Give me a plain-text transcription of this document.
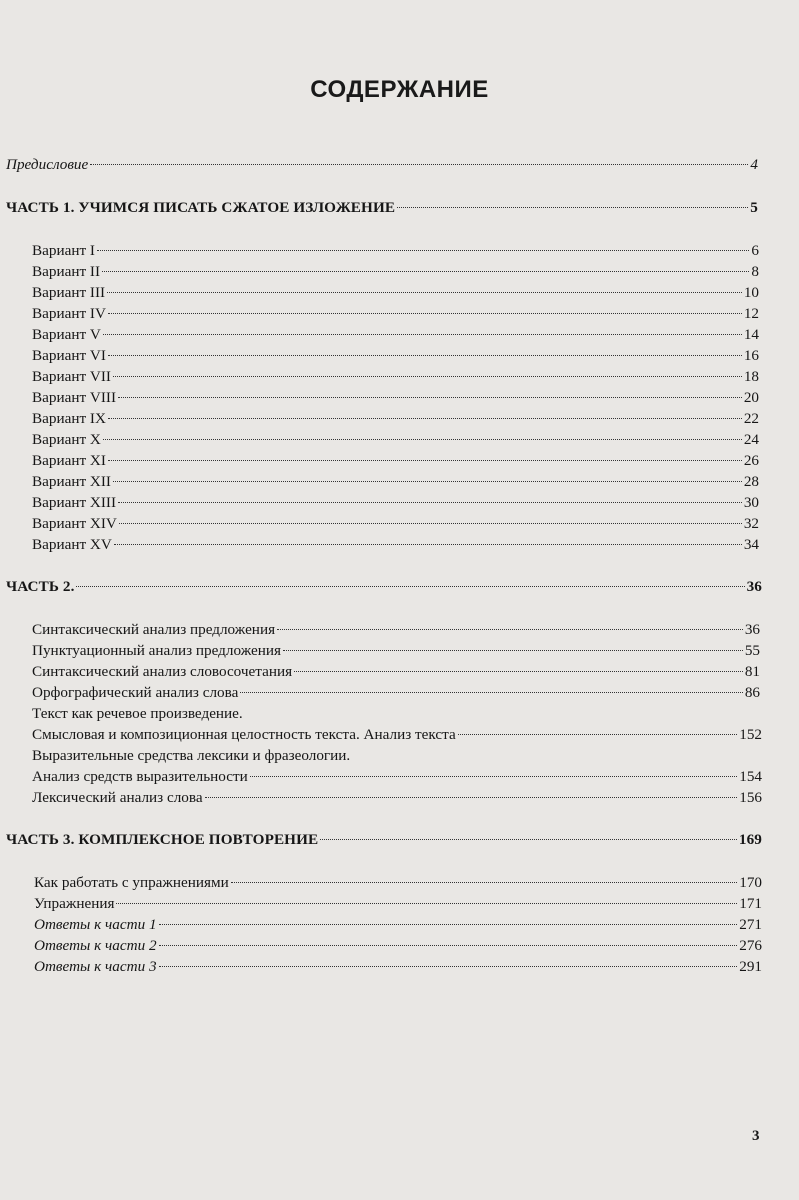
СОДЕРЖАНИЕ
Предисловие	4
ЧАСТЬ 1. УЧИМСЯ ПИСАТЬ СЖАТОЕ ИЗЛОЖЕНИЕ	5
Вариант I	6
Вариант II	8
Вариант III	10
Вариант IV	12
Вариант V	14
Вариант VI	16
Вариант VII	18
Вариант VIII	20
Вариант IX	22
Вариант X	24
Вариант XI	26
Вариант XII	28
Вариант XIII	30
Вариант XIV	32
Вариант XV	34
ЧАСТЬ 2.	36
Синтаксический анализ предложения	36
Пунктуационный анализ предложения	55
Синтаксический анализ словосочетания	81
Орфографический анализ слова	86
Текст как речевое произведение.
Смысловая и композиционная целостность текста. Анализ текста	152
Выразительные средства лексики и фразеологии.
Анализ средств выразительности	154
Лексический анализ слова	156
ЧАСТЬ 3. КОМПЛЕКСНОЕ ПОВТОРЕНИЕ	169
Как работать с упражнениями	170
Упражнения	171
Ответы к части 1	271
Ответы к части 2	276
Ответы к части 3	291
3
